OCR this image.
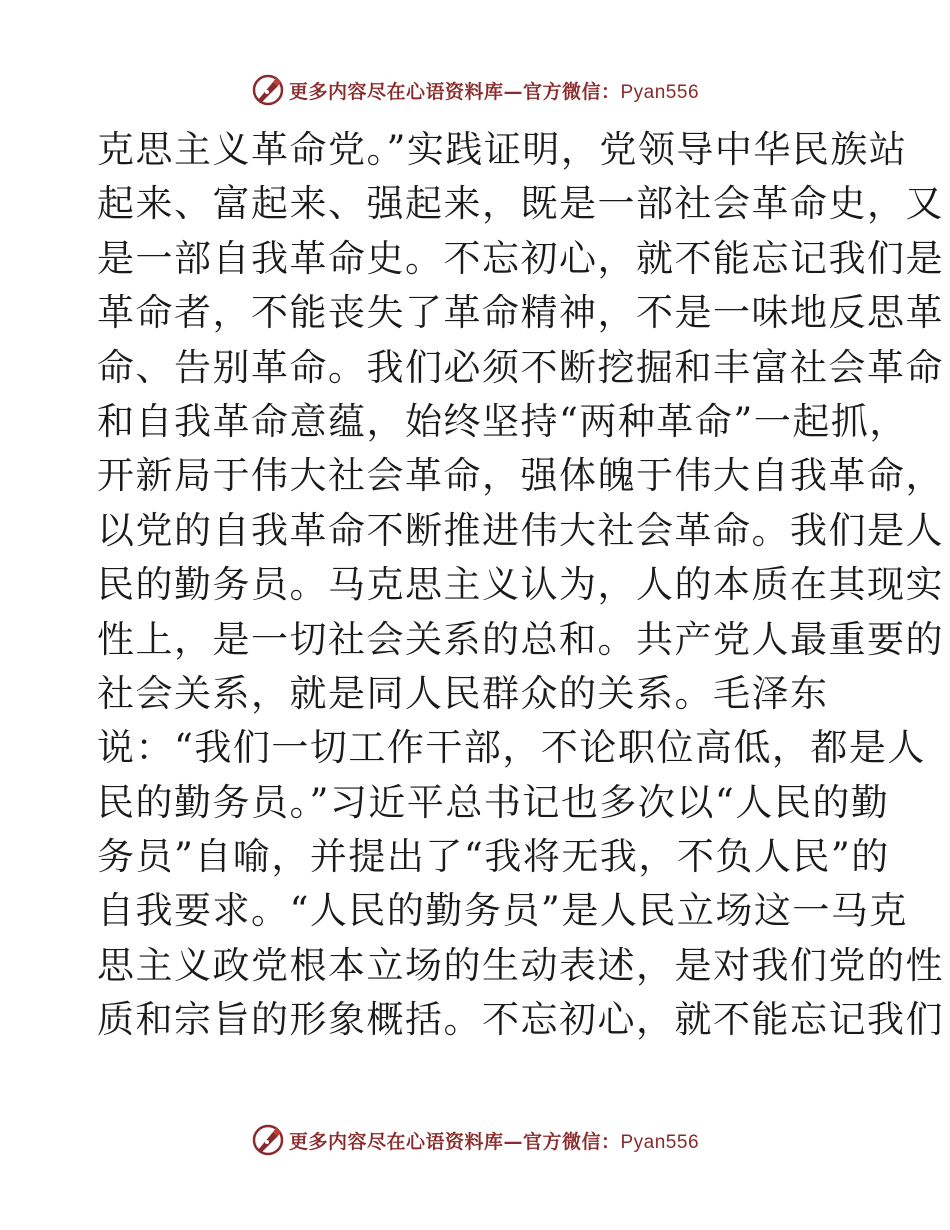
更多内容尽在心语资料库—官方微信：Pyan556
克思主义革命党。”实践证明，党领导中华民族站
起来、富起来、强起来，既是一部社会革命史，又
是一部自我革命史。不忘初心，就不能忘记我们是
革命者，不能丧失了革命精神，不是一味地反思革
命、告别革命。我们必须不断挖掘和丰富社会革命
和自我革命意蕴，始终坚持“两种革命”一起抓，
开新局于伟大社会革命，强体魄于伟大自我革命，
以党的自我革命不断推进伟大社会革命。我们是人
民的勤务员。马克思主义认为，人的本质在其现实
性上，是一切社会关系的总和。共产党人最重要的
社会关系，就是同人民群众的关系。毛泽东
说：“我们一切工作干部，不论职位高低，都是人
民的勤务员。”习近平总书记也多次以“人民的勤
务员”自喻，并提出了“我将无我，不负人民”的
自我要求。“人民的勤务员”是人民立场这一马克
思主义政党根本立场的生动表述，是对我们党的性
质和宗旨的形象概括。不忘初心，就不能忘记我们
更多内容尽在心语资料库—官方微信：Pyan556
